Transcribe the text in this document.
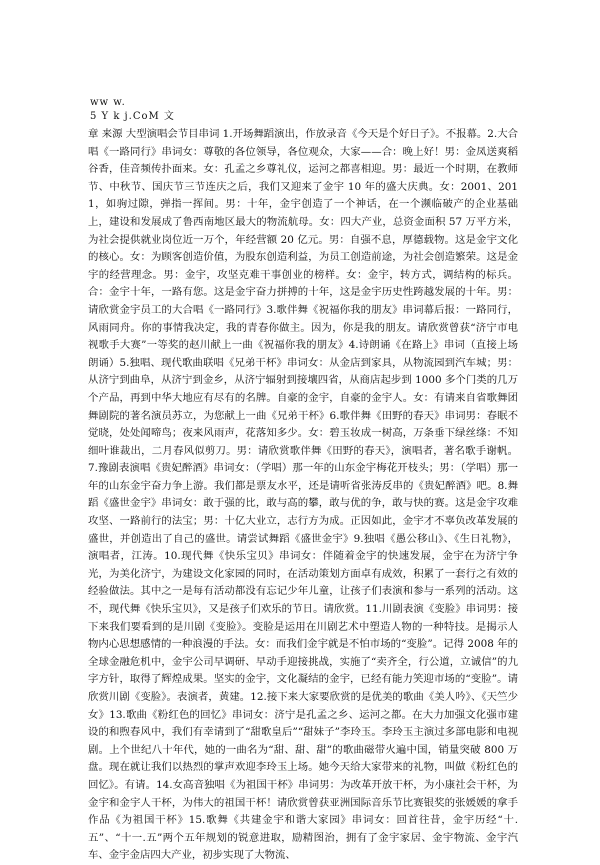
ww w.
5 Y k j.CoM 文
章 来源 大型演唱会节目串词 1.开场舞蹈演出，作放录音《今天是个好日子》。不报幕。2.大合唱《一路同行》串词女：尊敬的各位领导，各位观众，大家——合：晚上好！男：金凤送爽稻谷香，佳音频传扑面来。女：孔孟之乡尊礼仪，运河之都喜相迎。男：最近一个时期，在教师节、中秋节、国庆节三节连庆之后，我们又迎来了金宇 10 年的盛大庆典。女：2001、2011，如驹过隙，弹指一挥间。男：十年，金宇创造了一个神话，在一个濒临破产的企业基础上，建设和发展成了鲁西南地区最大的物流航母。女：四大产业，总资金面积 57 万平方米，为社会提供就业岗位近一万个，年经营额 20 亿元。男：自强不息，厚德载物。这是金宇文化的核心。女：为顾客创造价值，为股东创造利益，为员工创造前途，为社会创造繁荣。这是金宇的经营理念。男：金宇，攻坚克难干事创业的榜样。女：金宇，转方式，调结构的标兵。合：金宇十年，一路有您。这是金宇奋力拼搏的十年，这是金宇历史性跨越发展的十年。男：请欣赏金宇员工的大合唱《一路同行》3.歌伴舞《祝福你我的朋友》串词幕后报：一路同行，风雨同舟。你的事情我决定，我的青春你做主。因为，你是我的朋友。请欣赏曾获“济宁市电视歌手大赛”一等奖的赵川献上一曲《祝福你我的朋友》4.诗朗诵《在路上》串词（直接上场朗诵）5.独唱、现代歌曲联唱《兄弟干杯》串词女：从金店到家具，从物流园到汽车城；男：从济宁到曲阜，从济宁到金乡，从济宁辐射到接壤四省，从商店起步到 1000 多个门类的几万个产品，再到中华大地应有尽有的名牌。自豪的金宇，自豪的金宇人。女：有请来自省歌舞团舞剧院的著名演员苏立，为您献上一曲《兄弟干杯》6.歌伴舞《田野的春天》串词男：春眠不觉晓，处处闻啼鸟；夜来风雨声，花落知多少。女：碧玉妆成一树高，万条垂下绿丝绦：不知细叶谁裁出，二月春风似剪刀。男：请欣赏歌伴舞《田野的春天》，演唱者，著名歌手谢帆。7.豫剧表演唱《贵妃醉酒》串词女：（学唱）那一年的山东金宇梅花开枝头；男：（学唱）那一年的山东金宇奋力争上游。我们都是票友水平，还是请听省张涛反串的《贵妃醉酒》吧。8.舞蹈《盛世金宇》串词女：敢于强的比，敢与高的攀，敢与优的争，敢与快的赛。这是金宇攻难攻坚、一路前行的法宝；男：十亿大业立，志行方为成。正因如此，金宇才不辜负改革发展的盛世，并创造出了自己的盛世。请尝试舞蹈《盛世金宇》9.独唱《愚公移山》、《生日礼物》，演唱者，江涛。10.现代舞《快乐宝贝》串词女：伴随着金宇的快速发展，金宇在为济宁争光，为美化济宁，为建设文化家园的同时，在活动策划方面卓有成效，积累了一套行之有效的经验做法。其中之一是每有活动都没有忘记少年儿童，让孩子们表演和参与一系列的活动。这不，现代舞《快乐宝贝》，又是孩子们欢乐的节日。请欣赏。11.川剧表演《变脸》串词男：接下来我们要看到的是川剧《变脸》。变脸是运用在川剧艺术中塑造人物的一种特技。是揭示人物内心思想感情的一种浪漫的手法。女：而我们金宇就是不怕市场的“变脸”。记得 2008 年的全球金融危机中，金宇公司早调研、早动手迎接挑战，实施了“卖齐全，行公道，立诚信”的九字方针，取得了辉煌成果。坚实的金宇，文化凝结的金宇，已经有能力笑迎市场的“变脸”。请欣赏川剧《变脸》。表演者，黄建。12.接下来大家要欣赏的是优美的歌曲《美人吟》、《天竺少女》13.歌曲《粉红色的回忆》串词女：济宁是孔孟之乡、运河之都。在大力加强文化强市建设的和煦春风中，我们有幸请到了“甜歌皇后”“甜妹子”李玲玉。李玲玉主演过多部电影和电视剧。上个世纪八十年代，她的一曲名为“甜、甜、甜”的歌曲磁带火遍中国，销量突破 800 万盘。现在就让我们以热烈的掌声欢迎李玲玉上场。她今天给大家带来的礼物，叫做《粉红色的回忆》。有请。14.女高音独唱《为祖国干杯》串词男：为改革开放干杯，为小康社会干杯，为金宇和金宇人干杯，为伟大的祖国干杯！请欣赏曾获亚洲国际音乐节比赛银奖的张媛媛的拿手作品《为祖国干杯》15.歌舞《共建金宇和谐大家园》串词女：回首往昔，金宇历经“十.五”、“十一.五”两个五年规划的锐意进取，励精图治，拥有了金宇家居、金宇物流、金宇汽车、金宇金店四大产业，初步实现了大物流、
